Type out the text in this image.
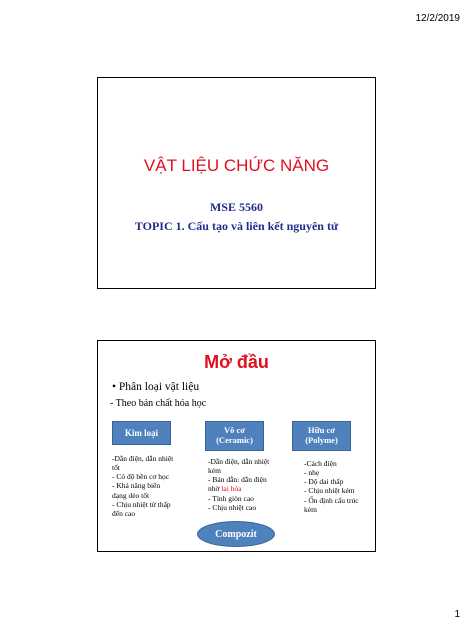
12/2/2019
VẬT LIỆU CHỨC NĂNG
MSE 5560
TOPIC 1. Cấu tạo và liên kết nguyên tử
Mở đầu
• Phân loại vật liệu
- Theo bản chất hóa học
Kim loại	Vô cơ
(Ceramic)
Hữu cơ
(Polyme)
-Dẫn điện, dẫn nhiệt
tốt
- Có độ bền cơ học
- Khả năng biến
dạng dẻo tốt
- Chịu nhiệt từ thấp
đến cao
-Dẫn điện, dẫn nhiệt
kém
- Bán dẫn: dẫn điện
nhờ lai hóa
- Tính giòn cao
- Chịu nhiệt cao
-Cách điện
- nhẹ
- Độ dai thấp
- Chịu nhiệt kém
- Ổn định cấu trúc
kém
Compozit
1
